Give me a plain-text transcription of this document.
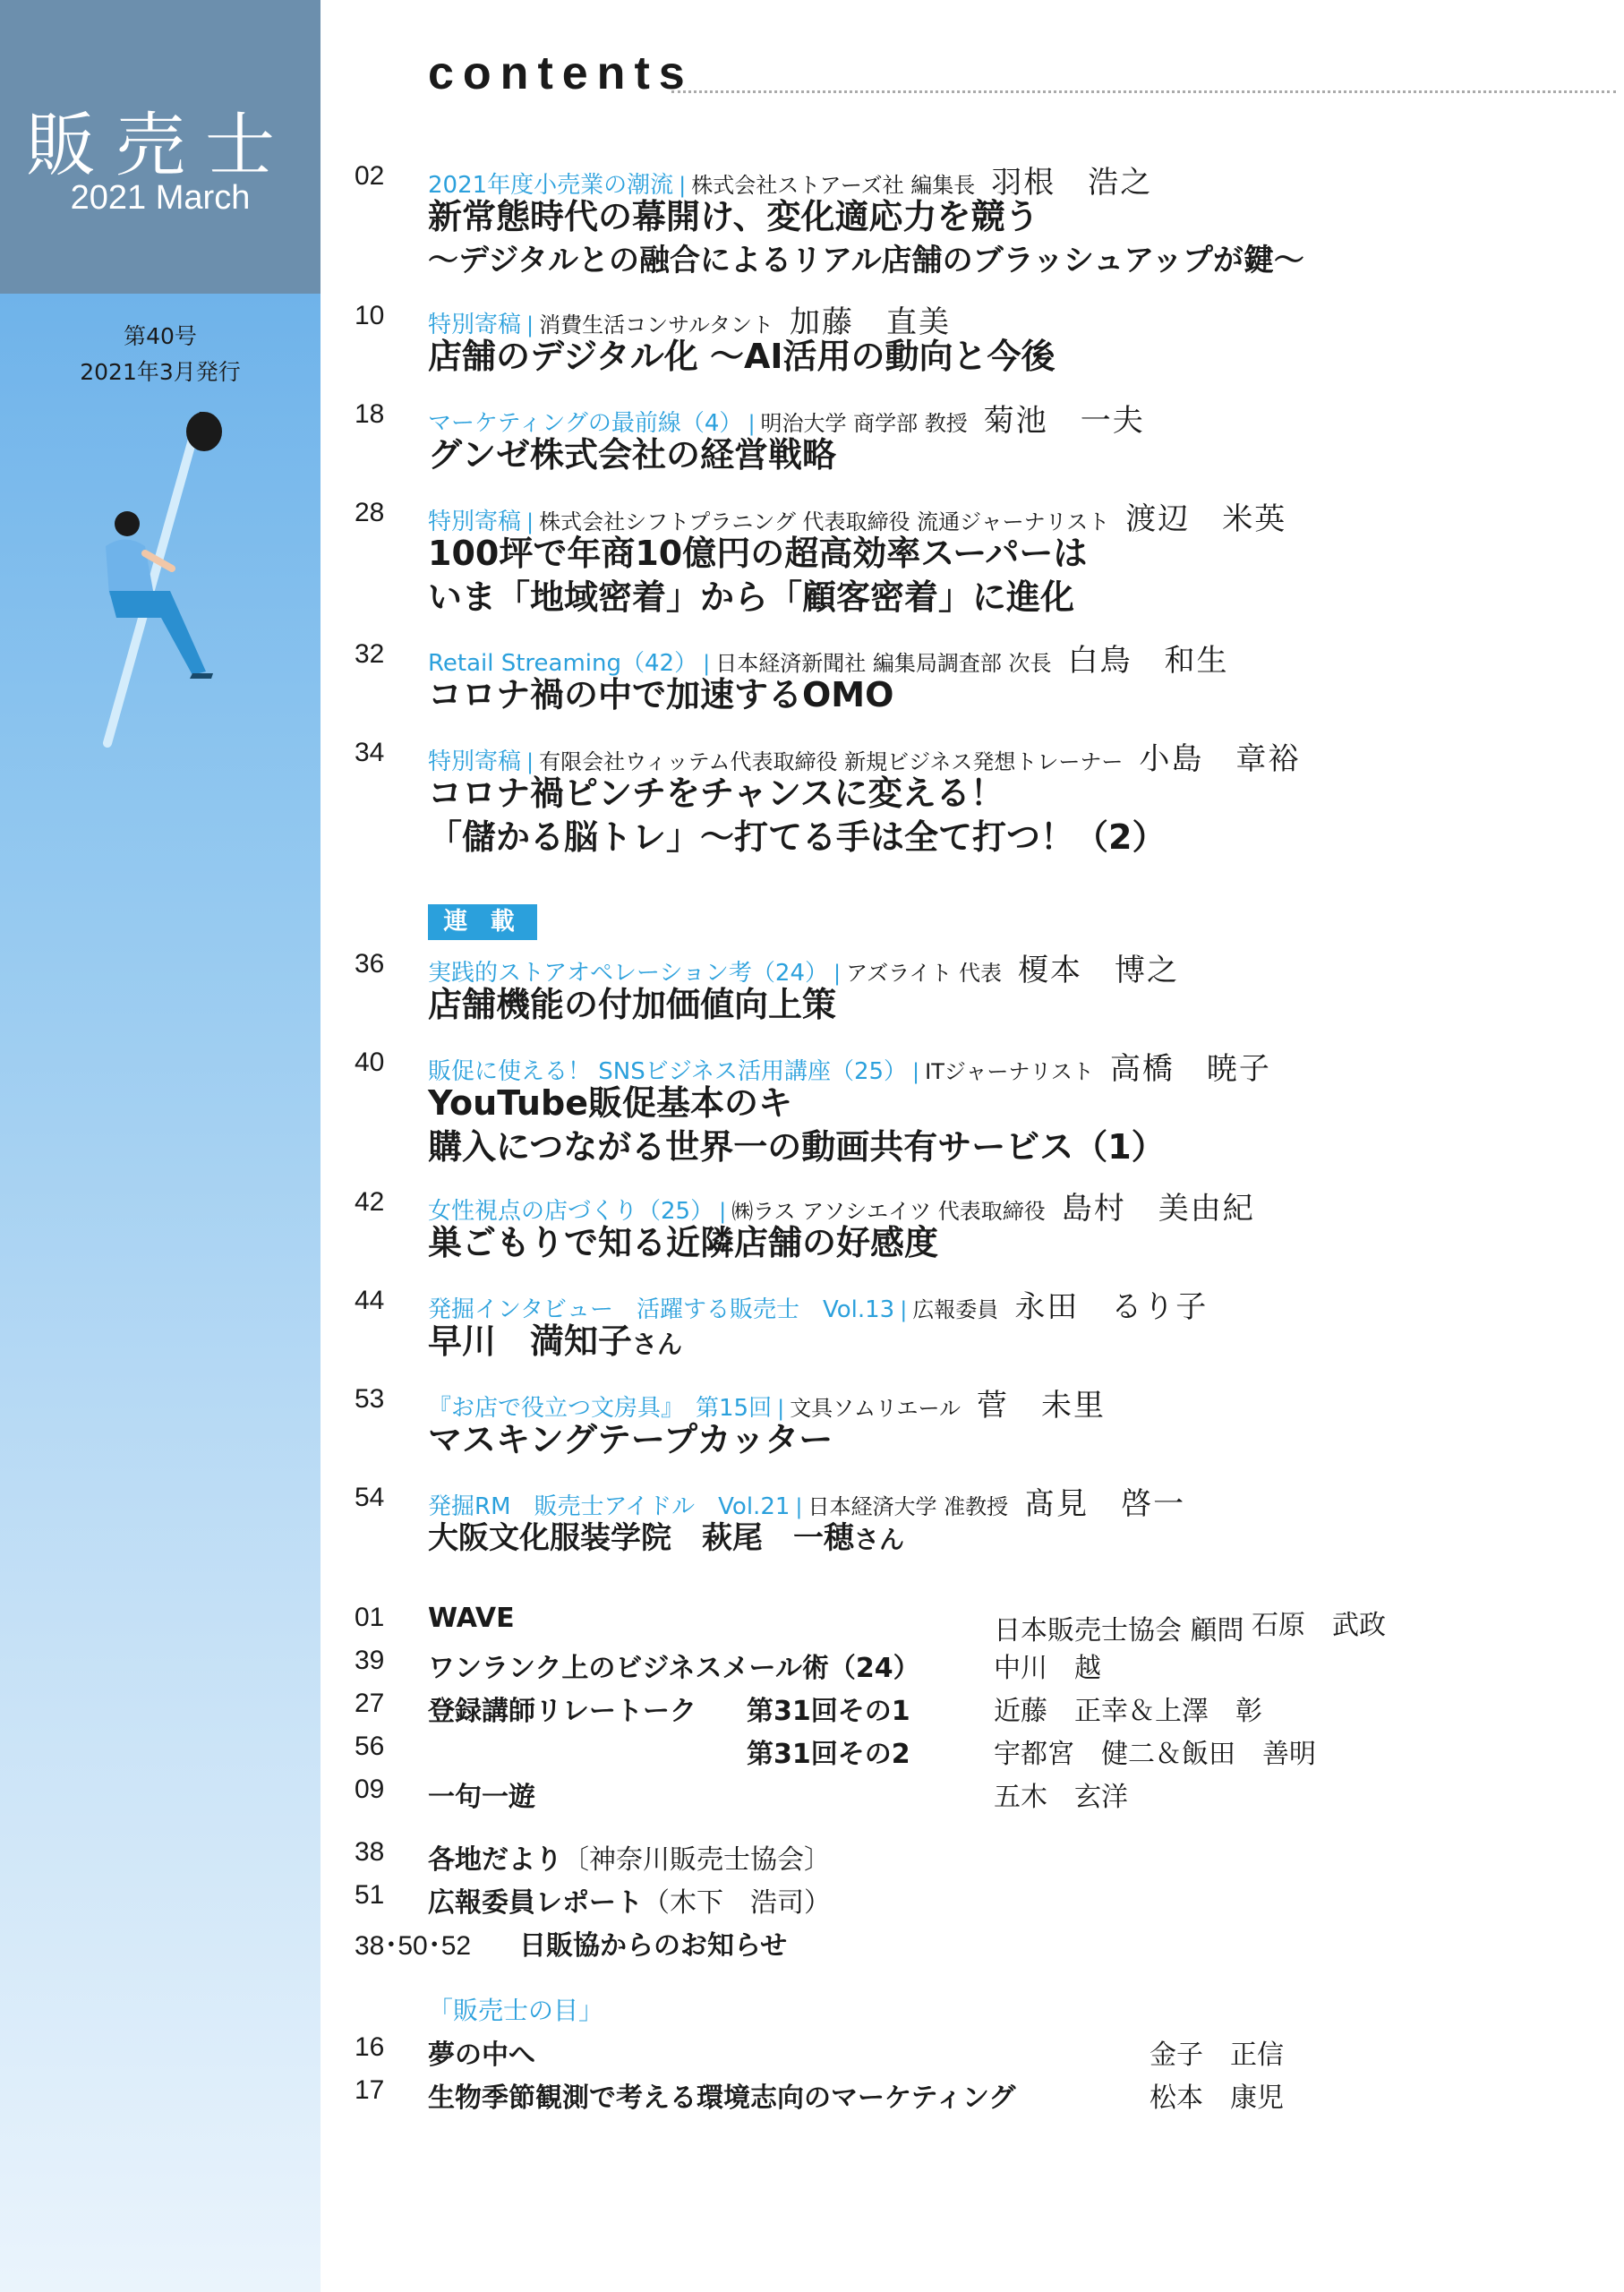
販売士
2021 March
第40号
2021年3月発行
contents
02 2021年度小売業の潮流 | 株式会社ストアーズ社 編集長 羽根　浩之
新常態時代の幕開け、変化適応力を競う
〜デジタルとの融合によるリアル店舗のブラッシュアップが鍵〜
10 特別寄稿 | 消費生活コンサルタント 加藤　直美
店舗のデジタル化 〜AI活用の動向と今後
18 マーケティングの最前線（4） | 明治大学 商学部 教授 菊池　一夫
グンゼ株式会社の経営戦略
28 特別寄稿 | 株式会社シフトプラニング 代表取締役 流通ジャーナリスト 渡辺　米英
100坪で年商10億円の超高効率スーパーは
いま「地域密着」から「顧客密着」に進化
32 Retail Streaming（42） | 日本経済新聞社 編集局調査部 次長 白鳥　和生
コロナ禍の中で加速するOMO
34 特別寄稿 | 有限会社ウィッテム代表取締役 新規ビジネス発想トレーナー 小島　章裕
コロナ禍ピンチをチャンスに変える！
「儲かる脳トレ」〜打てる手は全て打つ！（2）
連 載
36 実践的ストアオペレーション考（24） | アズライト 代表 榎本　博之
店舗機能の付加価値向上策
40 販促に使える！ SNSビジネス活用講座（25） | ITジャーナリスト 高橋　暁子
YouTube販促基本のキ
購入につながる世界一の動画共有サービス（1）
42 女性視点の店づくり（25） | ㈱ラス アソシエイツ 代表取締役 島村　美由紀
巣ごもりで知る近隣店舗の好感度
44 発掘インタビュー　活躍する販売士　Vol.13 | 広報委員 永田　るり子
早川　満知子さん
53 『お店で役立つ文房具』　第15回 | 文具ソムリエール 菅　未里
マスキングテープカッター
54 発掘RM　販売士アイドル　Vol.21 | 日本経済大学 准教授 髙見　啓一
大阪文化服装学院　萩尾　一穂さん
01 WAVE	日本販売士協会 顧問 石原　武政
39 ワンランク上のビジネスメール術（24）	中川　越
27 登録講師リレートーク 第31回その1	近藤　正幸＆上澤　彰
56	第31回その2	宇都宮　健二＆飯田　善明
09 一句一遊	五木　玄洋
38 各地だより〔神奈川販売士協会〕
51 広報委員レポート（木下　浩司）
38･50･52 日販協からのお知らせ
「販売士の目」
16 夢の中へ	金子　正信
17 生物季節観測で考える環境志向のマーケティング	松本　康児
